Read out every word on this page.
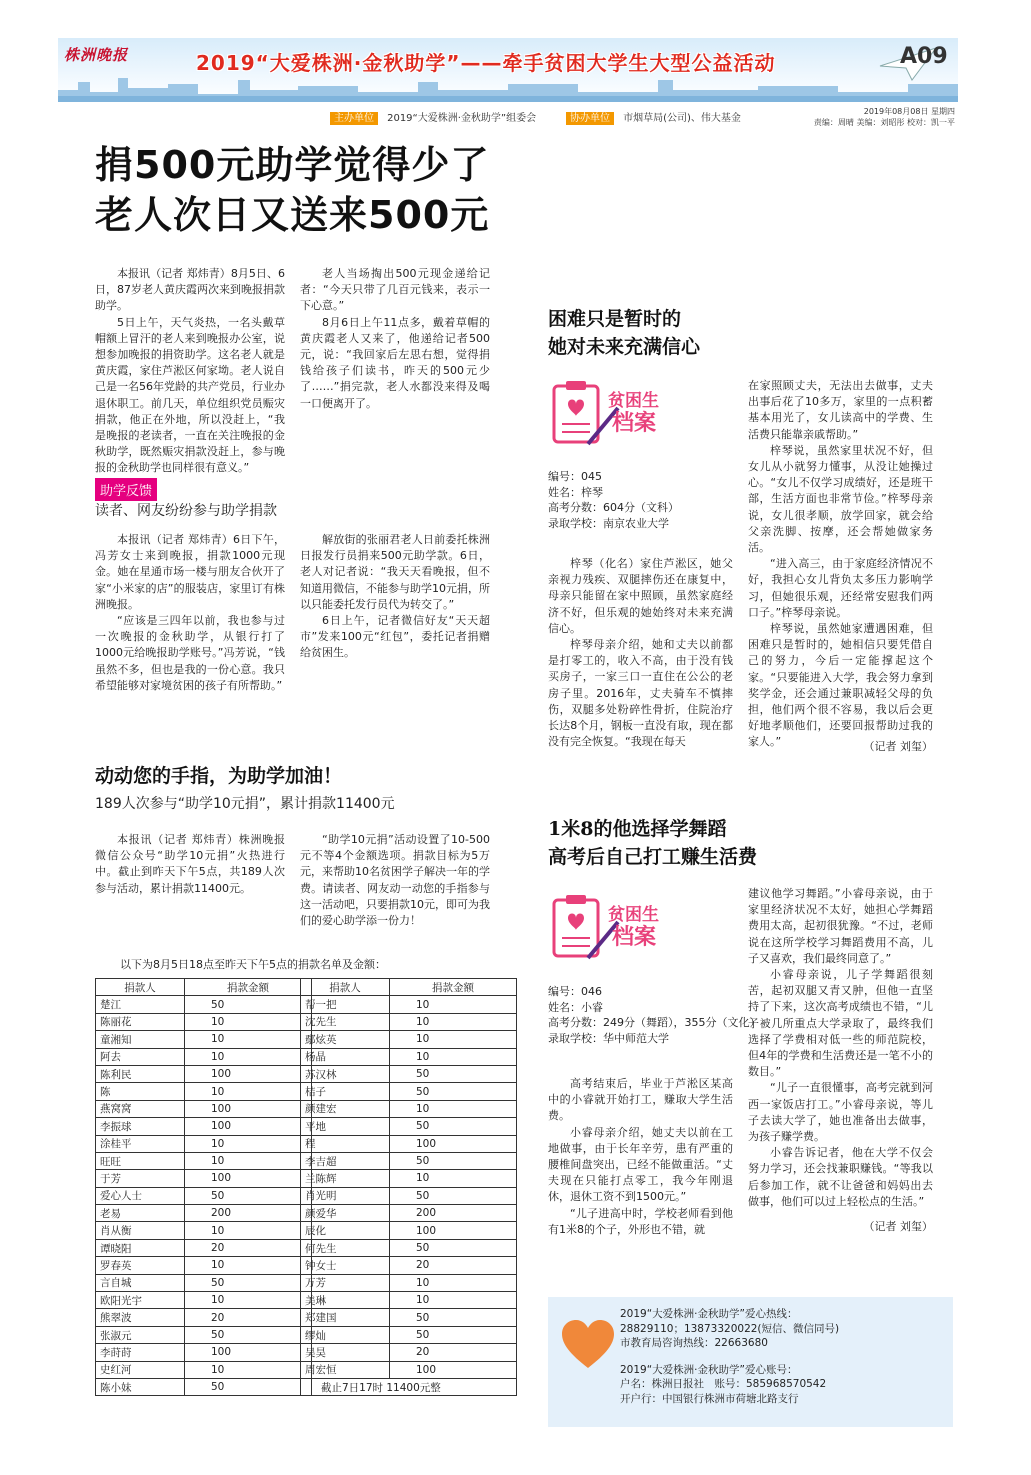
株洲晚报	2019“大爱株洲·金秋助学”——牵手贫困大学生大型公益活动	A09
主办单位 2019“大爱株洲·金秋助学”组委会	协办单位 市烟草局(公司)、伟大基金
2019年08月08日 星期四
责编：周晴 美编：刘昭彤 校对：凯一平
捐500元助学觉得少了
老人次日又送来500元

本报讯（记者 郑炜青）8月5日、6日，87岁老人黄庆霞两次来到晚报捐款助学。

5日上午，天气炎热，一名头戴草帽额上冒汗的老人来到晚报办公室，说想参加晚报的捐资助学。这名老人就是黄庆霞，家住芦淞区何家坳。老人说自己是一名56年党龄的共产党员，行业办退休职工。前几天，单位组织党员赈灾捐款，他正在外地，所以没赶上，“我是晚报的老读者，一直在关注晚报的金秋助学，既然赈灾捐款没赶上，参与晚报的金秋助学也同样很有意义。”

老人当场掏出500元现金递给记者：“今天只带了几百元钱来，表示一下心意。”

8月6日上午11点多，戴着草帽的黄庆霞老人又来了，他递给记者500元，说：“我回家后左思右想，觉得捐钱给孩子们读书，昨天的500元少了……”捐完款，老人水都没来得及喝一口便离开了。

助学反馈
读者、网友纷纷参与助学捐款

本报讯（记者 郑炜青）6日下午，冯芳女士来到晚报，捐款1000元现金。她在星通市场一楼与朋友合伙开了家“小米家的店”的服装店，家里订有株洲晚报。

“应该是三四年以前，我也参与过一次晚报的金秋助学，从银行打了1000元给晚报助学账号。”冯芳说，“钱虽然不多，但也是我的一份心意。我只希望能够对家境贫困的孩子有所帮助。”

解放街的张丽君老人日前委托株洲日报发行员捐来500元助学款。6日，老人对记者说：“我天天看晚报，但不知道用微信，不能参与助学10元捐，所以只能委托发行员代为转交了。”

6日上午，记者微信好友“天天超市”发来100元“红包”，委托记者捐赠给贫困生。

动动您的手指，为助学加油！
189人次参与“助学10元捐”，累计捐款11400元

本报讯（记者 郑炜青）株洲晚报微信公众号“助学10元捐”火热进行中。截止到昨天下午5点，共189人次参与活动，累计捐款11400元。

“助学10元捐”活动设置了10-500元不等4个金额选项。捐款目标为5万元，来帮助10名贫困学子解决一年的学费。请读者、网友动一动您的手指参与这一活动吧，只要捐款10元，即可为我们的爱心助学添一份力！

以下为8月5日18点至昨天下午5点的捐款名单及金额：
捐款人	捐款金额
楚江	50
陈丽花	10
童湘知	10
阿去	10
陈利民	100
陈	10
燕窝窝	100
李振球	100
涂桂平	10
旺旺	10
于芳	100
爱心人士	50
老易	200
肖从衡	10
谭晓阳	20
罗春英	10
言自城	50
欧阳光宇	10
熊翠波	20
张淑元	50
李莳莳	100
史红河	10
陈小妹	50
捐款人	捐款金额
帮一把	10
沈先生	10
鄢炫英	10
杨晶	10
苏汉林	50
桔子	50
颜建宏	10
平地	50
程	100
李吉超	50
兰陈辉	10
肖光明	50
颜爱华	200
辰化	100
何先生	50
钟女士	20
万芳	10
美琳	10
郑建国	50
缪灿	50
吴昊	20
周宏恒	100
截止7日17时 11400元整	
困难只是暂时的
她对未来充满信心
贫困生
档案
编号：045
姓名：梓琴
高考分数：604分（文科）
录取学校：南京农业大学

梓琴（化名）家住芦淞区，她父亲视力残疾、双腿摔伤还在康复中，母亲只能留在家中照顾，虽然家庭经济不好，但乐观的她始终对未来充满信心。

梓琴母亲介绍，她和丈夫以前都是打零工的，收入不高，由于没有钱买房子，一家三口一直住在公公的老房子里。2016年，丈夫骑车不慎摔伤，双腿多处粉碎性骨折，住院治疗长达8个月，钢板一直没有取，现在都没有完全恢复。“我现在每天

在家照顾丈夫，无法出去做事，丈夫出事后花了10多万，家里的一点积蓄基本用光了，女儿读高中的学费、生活费只能靠亲戚帮助。”

梓琴说，虽然家里状况不好，但女儿从小就努力懂事，从没让她操过心。“女儿不仅学习成绩好，还是班干部，生活方面也非常节俭。”梓琴母亲说，女儿很孝顺，放学回家，就会给父亲洗脚、按摩，还会帮她做家务活。

“进入高三，由于家庭经济情况不好，我担心女儿背负太多压力影响学习，但她很乐观，还经常安慰我们两口子。”梓琴母亲说。

梓琴说，虽然她家遭遇困难，但困难只是暂时的，她相信只要凭借自己的努力，今后一定能撑起这个家。“只要能进入大学，我会努力拿到奖学金，还会通过兼职减轻父母的负担，他们两个很不容易，我以后会更好地孝顺他们，还要回报帮助过我的家人。”	（记者 刘玺）
1米8的他选择学舞蹈
高考后自己打工赚生活费
贫困生
档案
编号：046
姓名：小睿
高考分数：249分（舞蹈），355分（文化）
录取学校：华中师范大学

高考结束后，毕业于芦淞区某高中的小睿就开始打工，赚取大学生活费。

小睿母亲介绍，她丈夫以前在工地做事，由于长年辛劳，患有严重的腰椎间盘突出，已经不能做重活。“丈夫现在只能打点零工，我今年刚退休，退休工资不到1500元。”

“儿子进高中时，学校老师看到他有1米8的个子，外形也不错，就

建议他学习舞蹈。”小睿母亲说，由于家里经济状况不太好，她担心学舞蹈费用太高，起初很犹豫。“不过，老师说在这所学校学习舞蹈费用不高，儿子又喜欢，我们最终同意了。”

小睿母亲说，儿子学舞蹈很刻苦，起初双腿又青又肿，但他一直坚持了下来，这次高考成绩也不错，“儿子被几所重点大学录取了，最终我们选择了学费相对低一些的师范院校，但4年的学费和生活费还是一笔不小的数目。”

“儿子一直很懂事，高考完就到河西一家饭店打工。”小睿母亲说，等儿子去读大学了，她也准备出去做事，为孩子赚学费。

小睿告诉记者，他在大学不仅会努力学习，还会找兼职赚钱。“等我以后参加工作，就不让爸爸和妈妈出去做事，他们可以过上轻松点的生活。”

（记者 刘玺）
2019“大爱株洲·金秋助学”爱心热线：
28829110；13873320022(短信、微信同号)
市教育局咨询热线：22663680
2019“大爱株洲·金秋助学”爱心账号：
户名：株洲日报社　账号：585968570542
开户行：中国银行株洲市荷塘北路支行
